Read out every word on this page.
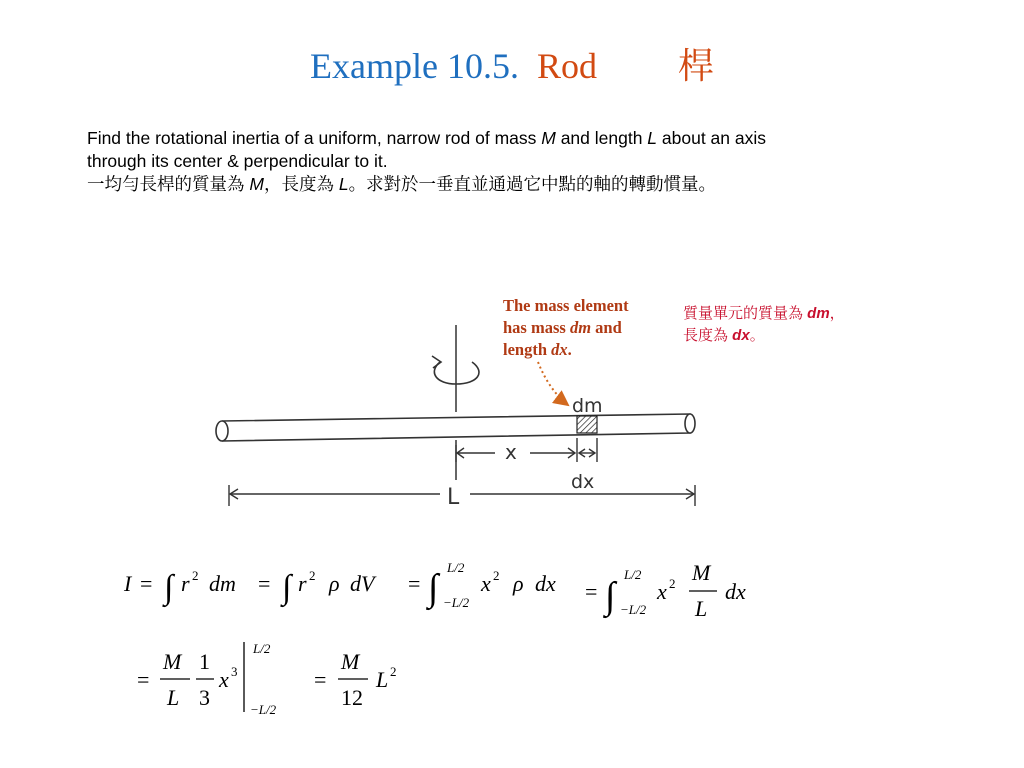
Example 10.5. Rod 桿
Find the rotational inertia of a uniform, narrow rod of mass M and length L about an axis
through its center & perpendicular to it.
一均勻長桿的質量為 M，長度為 L。求對於一垂直並通過它中點的軸的轉動慣量。
質量單元的質量為 dm，
長度為 dx。
The mass element
has mass dm and
length dx.
dm
x
dx
L
I = ∫ r 2 dm = ∫ r 2 ρ dV = ∫ L/2
−L/2
x 2 ρ dx = ∫
L/2
−L/2
x 2 M
L
dx
=
M
L
1
3
x 3
L/2
−L/2
=
M
12
L 2
